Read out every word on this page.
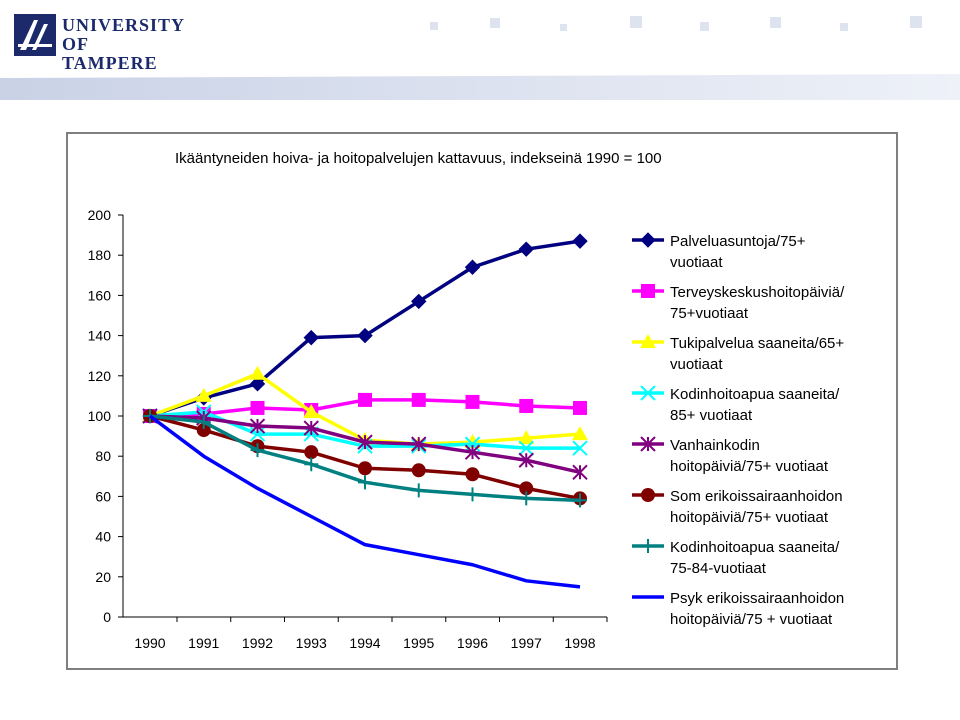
UNIVERSITY
OF TAMPERE
Ikääntyneiden hoiva- ja hoitopalvelujen kattavuus, indekseinä 1990 = 100
0
20
40
60
80
100
120
140
160
180
200
1990 1991 1992 1993 1994 1995 1996 1997 1998
Palveluasuntoja/75+
vuotiaat
Terveyskeskushoitopäiviä/
75+vuotiaat
Tukipalvelua saaneita/65+
vuotiaat
Kodinhoitoapua saaneita/
85+ vuotiaat
Vanhainkodin
hoitopäiviä/75+ vuotiaat
Som erikoissairaanhoidon
hoitopäiviä/75+ vuotiaat
Kodinhoitoapua saaneita/
75-84-vuotiaat
Psyk erikoissairaanhoidon
hoitopäiviä/75 + vuotiaat
